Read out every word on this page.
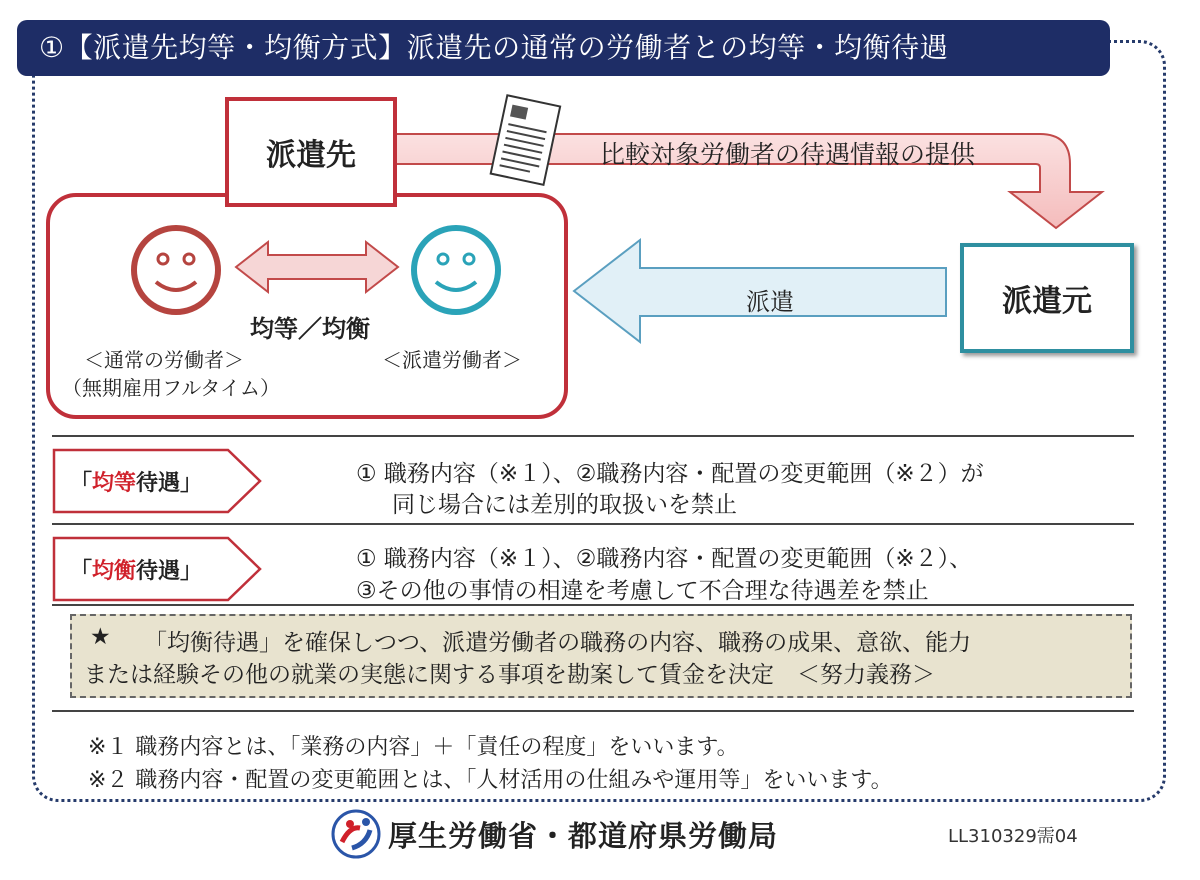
①【派遣先均等・均衡方式】派遣先の通常の労働者との均等・均衡待遇
比較対象労働者の待遇情報の提供
派遣先
派遣	派遣元
均等／均衡
＜通常の労働者＞
（無期雇用フルタイム）
＜派遣労働者＞
「均等待遇」	① 職務内容（※１）、②職務内容・配置の変更範囲（※２）が
同じ場合には差別的取扱いを禁止
「均衡待遇」	① 職務内容（※１）、②職務内容・配置の変更範囲（※２）、
③その他の事情の相違を考慮して不合理な待遇差を禁止
★ 「均衡待遇」を確保しつつ、派遣労働者の職務の内容、職務の成果、意欲、能力
または経験その他の就業の実態に関する事項を勘案して賃金を決定　＜努力義務＞
※１ 職務内容とは、「業務の内容」＋「責任の程度」をいいます。
※２ 職務内容・配置の変更範囲とは、「人材活用の仕組みや運用等」をいいます。
厚生労働省・都道府県労働局	LL310329需04
